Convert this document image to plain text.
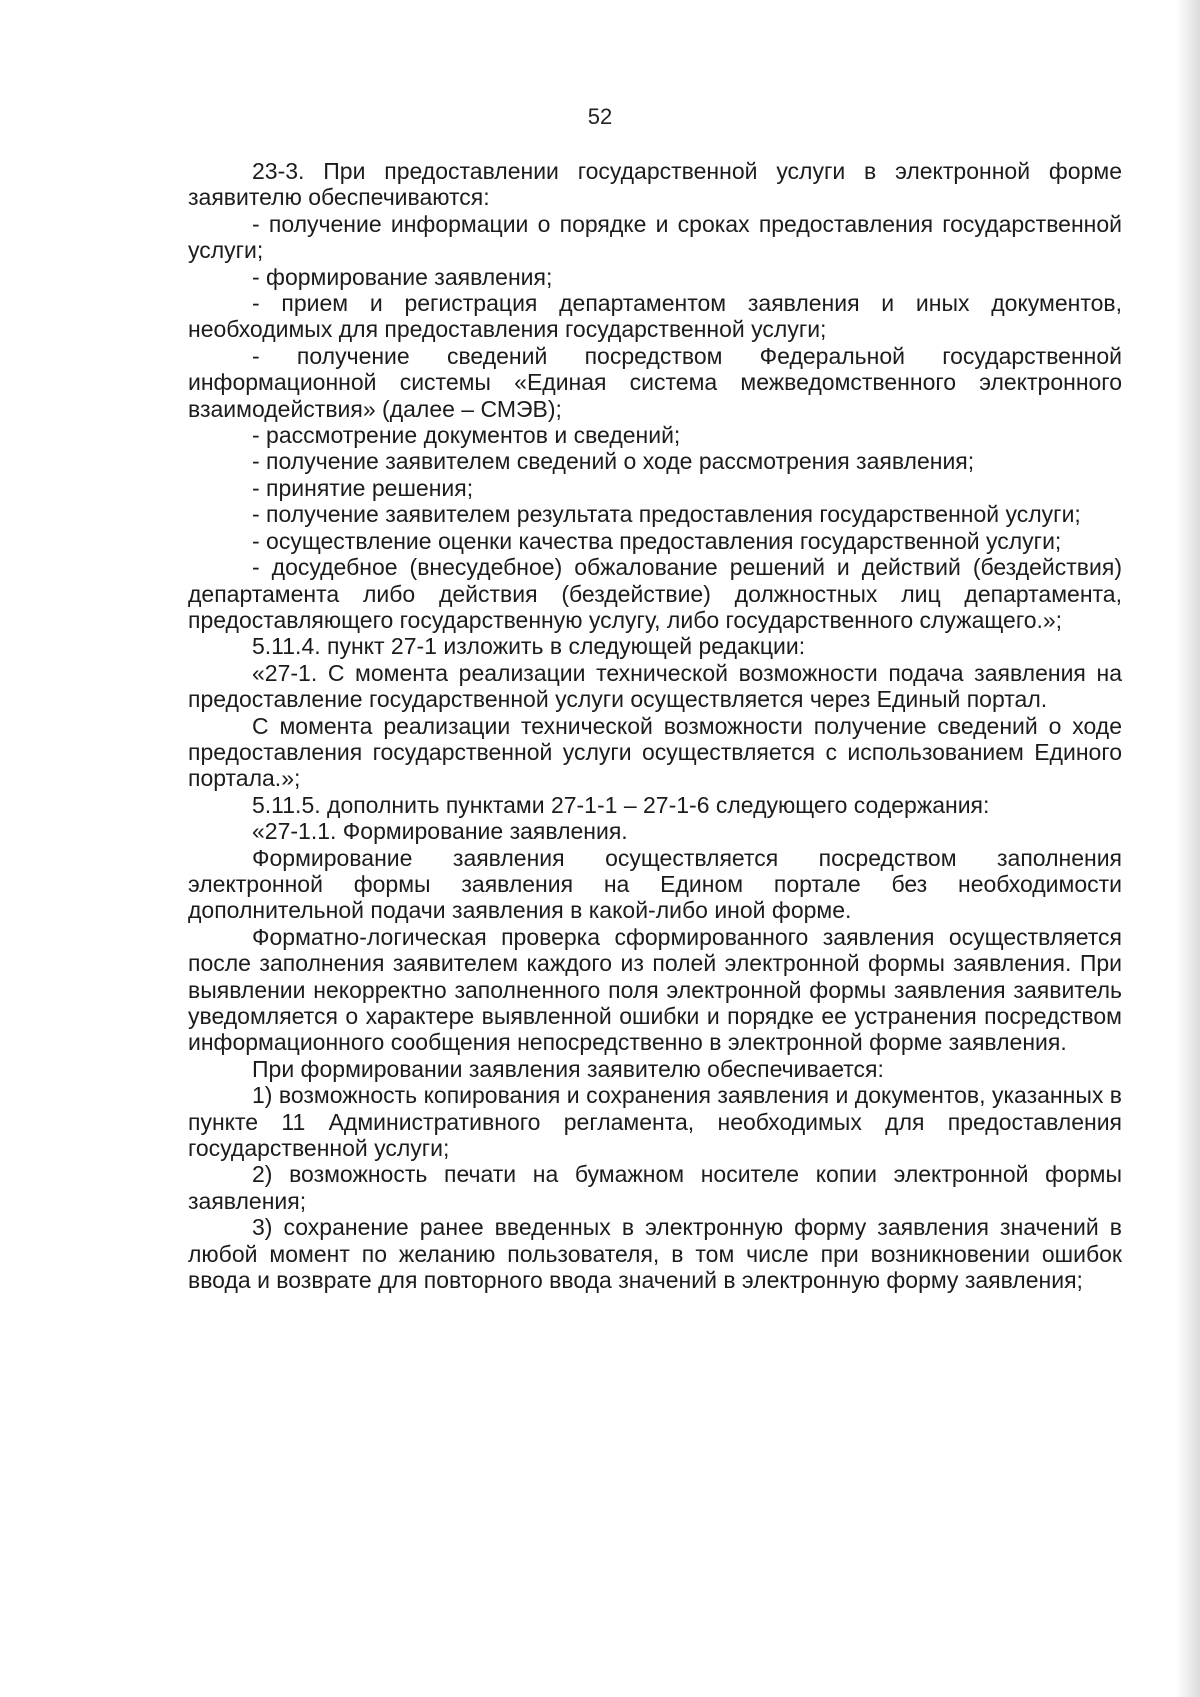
52

23-3. При предоставлении государственной услуги в электронной форме заявителю обеспечиваются:

- получение информации о порядке и сроках предоставления государственной услуги;

- формирование заявления;

- прием и регистрация департаментом заявления и иных документов, необходимых для предоставления государственной услуги;

- получение сведений посредством Федеральной государственной информационной системы «Единая система межведомственного электронного взаимодействия» (далее – СМЭВ);

- рассмотрение документов и сведений;

- получение заявителем сведений о ходе рассмотрения заявления;

- принятие решения;

- получение заявителем результата предоставления государственной услуги;

- осуществление оценки качества предоставления государственной услуги;

- досудебное (внесудебное) обжалование решений и действий (бездействия) департамента либо действия (бездействие) должностных лиц департамента, предоставляющего государственную услугу, либо государственного служащего.»;

5.11.4. пункт 27-1 изложить в следующей редакции:

«27-1. С момента реализации технической возможности подача заявления на предоставление государственной услуги осуществляется через Единый портал.

С момента реализации технической возможности получение сведений о ходе предоставления государственной услуги осуществляется с использованием Единого портала.»;

5.11.5. дополнить пунктами 27-1-1 – 27-1-6 следующего содержания:

«27-1.1. Формирование заявления.

Формирование заявления осуществляется посредством заполнения электронной формы заявления на Едином портале без необходимости дополнительной подачи заявления в какой-либо иной форме.

Форматно-логическая проверка сформированного заявления осуществляется после заполнения заявителем каждого из полей электронной формы заявления. При выявлении некорректно заполненного поля электронной формы заявления заявитель уведомляется о характере выявленной ошибки и порядке ее устранения посредством информационного сообщения непосредственно в электронной форме заявления.

При формировании заявления заявителю обеспечивается:

1) возможность копирования и сохранения заявления и документов, указанных в пункте 11 Административного регламента, необходимых для предоставления государственной услуги;

2) возможность печати на бумажном носителе копии электронной формы заявления;

3) сохранение ранее введенных в электронную форму заявления значений в любой момент по желанию пользователя, в том числе при возникновении ошибок ввода и возврате для повторного ввода значений в электронную форму заявления;
